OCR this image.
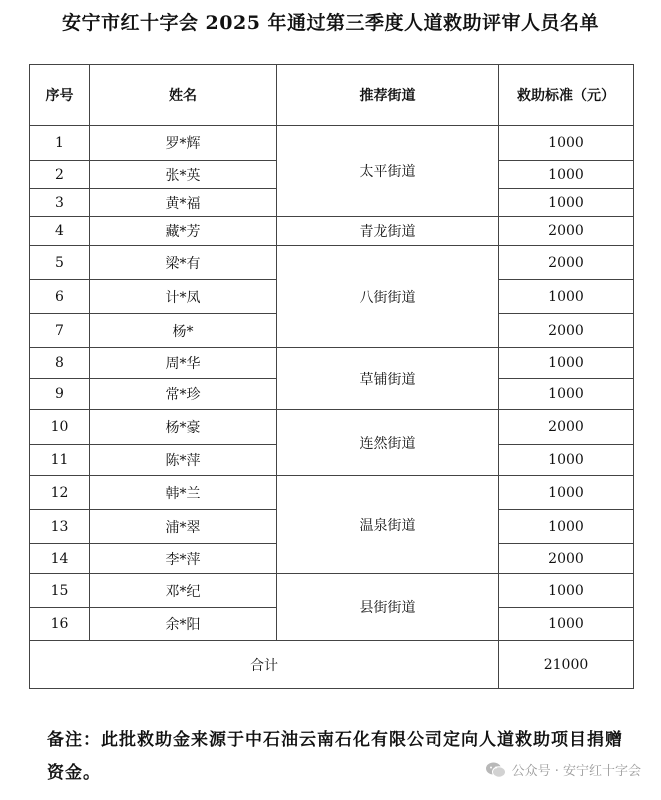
安宁市红十字会 2025 年通过第三季度人道救助评审人员名单
序号	姓名	推荐街道	救助标准（元）
1	罗*辉	太平街道	1000
2	张*英		1000
3	黄*福		1000
4	藏*芳	青龙街道	2000
5	梁*有	八街街道	2000
6	计*凤		1000
7	杨*		2000
8	周*华	草铺街道	1000
9	常*珍		1000
10	杨*豪	连然街道	2000
11	陈*萍		1000
12	韩*兰	温泉街道	1000
13	浦*翠		1000
14	李*萍		2000
15	邓*纪	县街街道	1000
16	余*阳		1000
合计			21000
备注：此批救助金来源于中石油云南石化有限公司定向人道救助项目捐赠资金。	公众号 · 安宁红十字会
